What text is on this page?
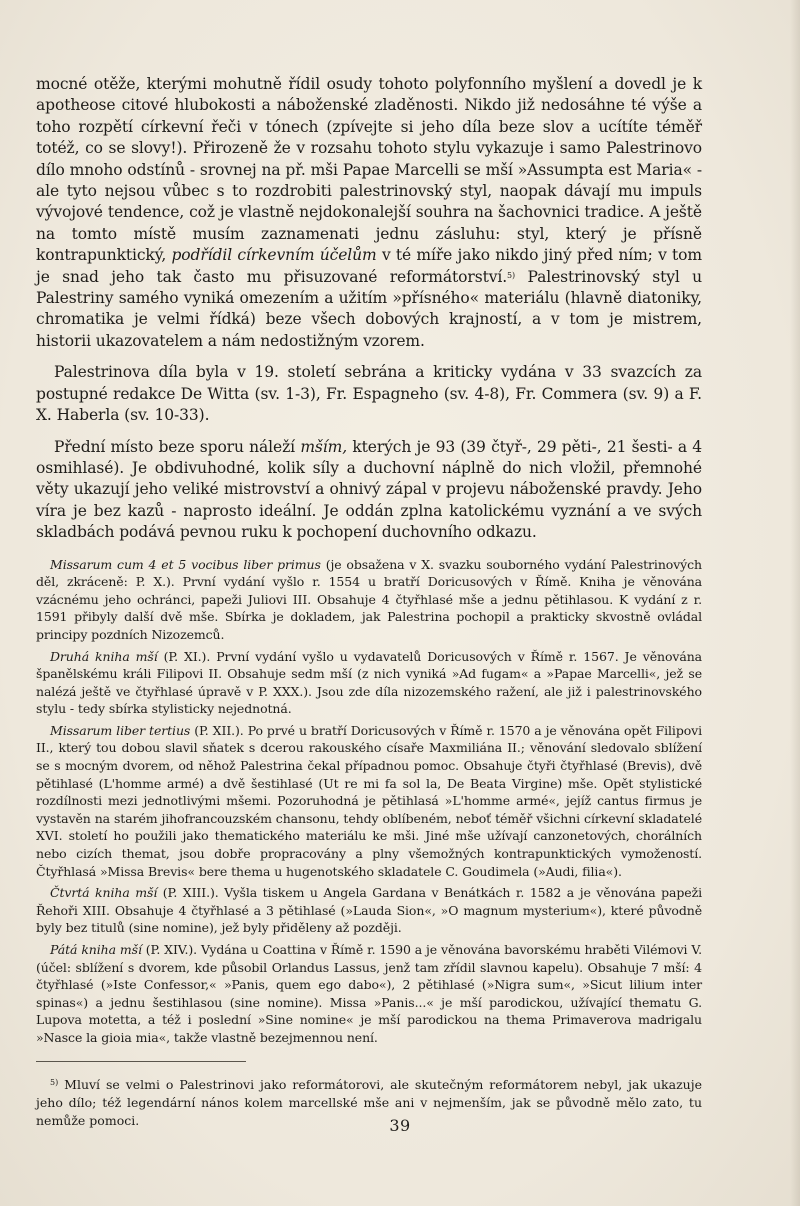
mocné otěže, kterými mohutně řídil osudy tohoto polyfonního myšlení a dovedl je k apotheose citové hlubokosti a náboženské zladěnosti. Nikdo již nedosáhne té výše a toho rozpětí církevní řeči v tónech (zpívejte si jeho díla beze slov a ucítíte téměř totéž, co se slovy!). Přirozeně že v rozsahu tohoto stylu vykazuje i samo Palestrinovo dílo mnoho odstínů - srovnej na př. mši Papae Marcelli se mší »Assumpta est Maria« - ale tyto nejsou vůbec s to rozdrobiti palestrinovský styl, naopak dávají mu impuls vývojové tendence, což je vlastně nejdokonalejší souhra na šachovnici tradice. A ještě na tomto místě musím zaznamenati jednu zásluhu: styl, který je přísně kontrapunktický, podřídil církevním účelům v té míře jako nikdo jiný před ním; v tom je snad jeho tak často mu přisuzované reformátorství.$^{5)}$ Palestrinovský styl u Palestriny samého vyniká omezením a užitím »přísného« materiálu (hlavně diatoniky, chromatika je velmi řídká) beze všech dobových krajností, a v tom je mistrem, historii ukazovatelem a nám nedostižným vzorem.

Palestrinova díla byla v 19. století sebrána a kriticky vydána v 33 svazcích za postupné redakce De Witta (sv. 1-3), Fr. Espagneho (sv. 4-8), Fr. Commera (sv. 9) a F. X. Haberla (sv. 10-33).

Přední místo beze sporu náleží mším, kterých je 93 (39 čtyř-, 29 pěti-, 21 šesti- a 4 osmihlasé). Je obdivuhodné, kolik síly a duchovní náplně do nich vložil, přemnohé věty ukazují jeho veliké mistrovství a ohnivý zápal v projevu náboženské pravdy. Jeho víra je bez kazů - naprosto ideální. Je oddán zplna katolickému vyznání a ve svých skladbách podává pevnou ruku k pochopení duchovního odkazu.

Missarum cum 4 et 5 vocibus liber primus (je obsažena v X. svazku souborného vydání Palestrinových děl, zkráceně: P. X.). První vydání vyšlo r. 1554 u bratří Doricusových v Římě. Kniha je věnována vzácnému jeho ochránci, papeži Juliovi III. Obsahuje 4 čtyřhlasé mše a jednu pětihlasou. K vydání z r. 1591 přibyly další dvě mše. Sbírka je dokladem, jak Palestrina pochopil a prakticky skvostně ovládal principy pozdních Nizozemců.

Druhá kniha mší (P. XI.). První vydání vyšlo u vydavatelů Doricusových v Římě r. 1567. Je věnována španělskému králi Filipovi II. Obsahuje sedm mší (z nich vyniká »Ad fugam« a »Papae Marcelli«, jež se nalézá ještě ve čtyřhlasé úpravě v P. XXX.). Jsou zde díla nizozemského ražení, ale již i palestrinovského stylu - tedy sbírka stylisticky nejednotná.

Missarum liber tertius (P. XII.). Po prvé u bratří Doricusových v Římě r. 1570 a je věnována opět Filipovi II., který tou dobou slavil sňatek s dcerou rakouského císaře Maxmiliána II.; věnování sledovalo sblížení se s mocným dvorem, od něhož Palestrina čekal případnou pomoc. Obsahuje čtyři čtyřhlasé (Brevis), dvě pětihlasé (L'homme armé) a dvě šestihlasé (Ut re mi fa sol la, De Beata Virgine) mše. Opět stylistické rozdílnosti mezi jednotlivými mšemi. Pozoruhodná je pětihlasá »L'homme armé«, jejíž cantus firmus je vystavěn na starém jihofrancouzském chansonu, tehdy oblíbeném, neboť téměř všichni církevní skladatelé XVI. století ho použili jako thematického materiálu ke mši. Jiné mše užívají canzonetových, chorálních nebo cizích themat, jsou dobře propracovány a plny všemožných kontrapunktických vymožeností. Čtyřhlasá »Missa Brevis« bere thema u hugenotského skladatele C. Goudimela (»Audi, filia«).

Čtvrtá kniha mší (P. XIII.). Vyšla tiskem u Angela Gardana v Benátkách r. 1582 a je věnována papeži Řehoři XIII. Obsahuje 4 čtyřhlasé a 3 pětihlasé (»Lauda Sion«, »O magnum mysterium«), které původně byly bez titulů (sine nomine), jež byly přiděleny až později.

Pátá kniha mší (P. XIV.). Vydána u Coattina v Římě r. 1590 a je věnována bavorskému hraběti Vilémovi V. (účel: sblížení s dvorem, kde působil Orlandus Lassus, jenž tam zřídil slavnou kapelu). Obsahuje 7 mší: 4 čtyřhlasé (»Iste Confessor,« »Panis, quem ego dabo«), 2 pětihlasé (»Nigra sum«, »Sicut lilium inter spinas«) a jednu šestihlasou (sine nomine). Missa »Panis...« je mší parodickou, užívající thematu G. Lupova motetta, a též i poslední »Sine nomine« je mší parodickou na thema Primaverova madrigalu »Nasce la gioia mia«, takže vlastně bezejmennou není.

$^{5)}$ Mluví se velmi o Palestrinovi jako reformátorovi, ale skutečným reformátorem nebyl, jak ukazuje jeho dílo; též legendární nános kolem marcellské mše ani v nejmenším, jak se původně mělo zato, tu nemůže pomoci.	39
